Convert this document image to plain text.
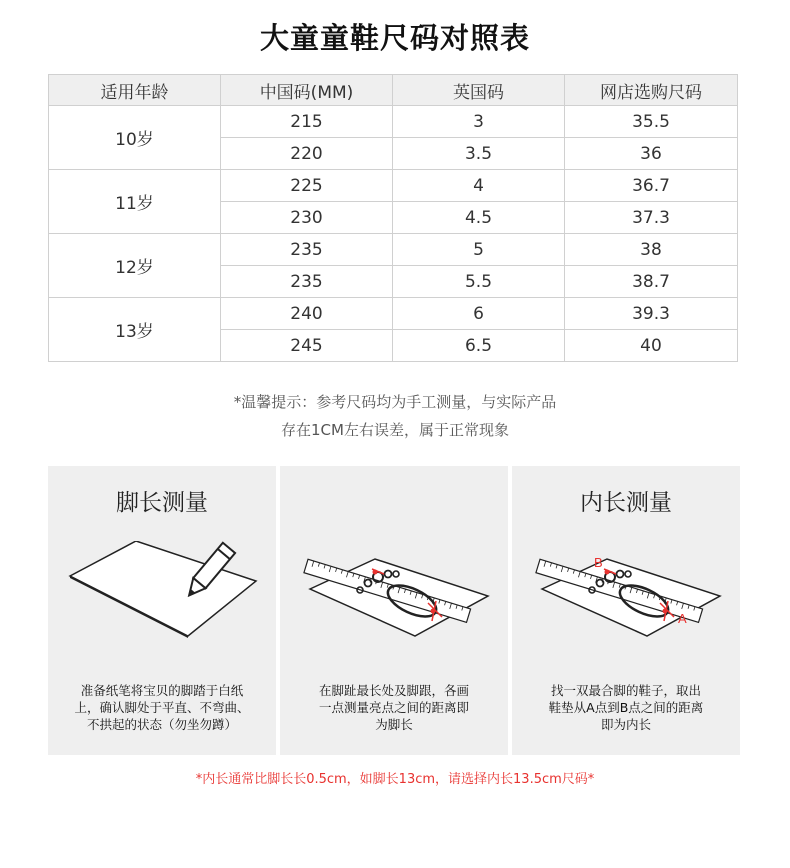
大童童鞋尺码对照表
适用年龄	中国码(MM)	英国码	网店选购尺码
10岁	215	3	35.5
	220	3.5	36
11岁	225	4	36.7
	230	4.5	37.3
12岁	235	5	38
	235	5.5	38.7
13岁	240	6	39.3
	245	6.5	40
*温馨提示：参考尺码均为手工测量，与实际产品
存在1CM左右误差，属于正常现象
脚长测量
准备纸笔将宝贝的脚踏于白纸
上，确认脚处于平直、不弯曲、
不拱起的状态（勿坐勿蹲）
在脚趾最长处及脚跟，各画
一点测量亮点之间的距离即
为脚长
内长测量
B
A
找一双最合脚的鞋子，取出
鞋垫从A点到B点之间的距离
即为内长
*内长通常比脚长长0.5cm，如脚长13cm，请选择内长13.5cm尺码*
